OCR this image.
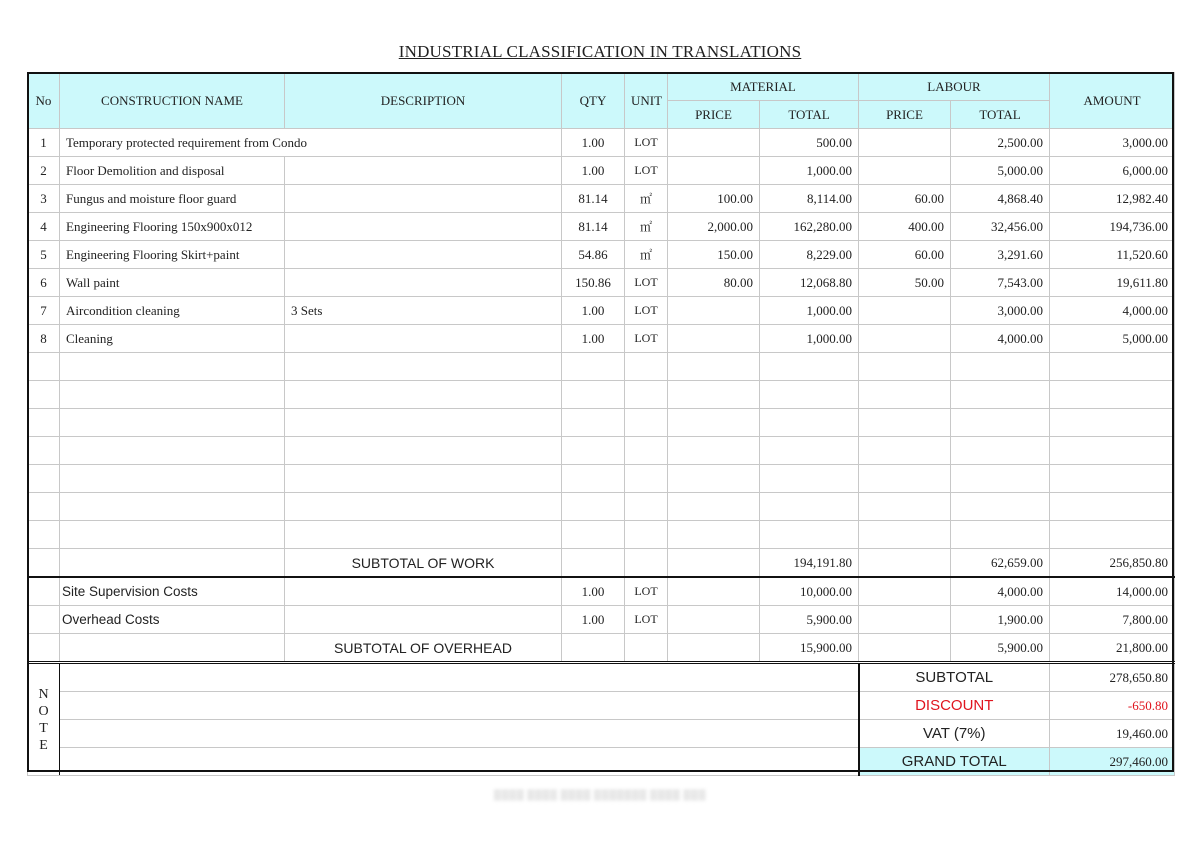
INDUSTRIAL CLASSIFICATION IN TRANSLATIONS
No	CONSTRUCTION NAME	DESCRIPTION	QTY	UNIT	MATERIAL		LABOUR		AMOUNT
					PRICE	TOTAL	PRICE	TOTAL	
1	Temporary protected requirement from Condo		1.00	LOT		500.00		2,500.00	3,000.00
2	Floor Demolition and disposal		1.00	LOT		1,000.00		5,000.00	6,000.00
3	Fungus and moisture floor guard		81.14	㎡	100.00	8,114.00	60.00	4,868.40	12,982.40
4	Engineering Flooring 150x900x012		81.14	㎡	2,000.00	162,280.00	400.00	32,456.00	194,736.00
5	Engineering Flooring Skirt+paint		54.86	㎡	150.00	8,229.00	60.00	3,291.60	11,520.60
6	Wall paint		150.86	LOT	80.00	12,068.80	50.00	7,543.00	19,611.80
7	Aircondition cleaning	3 Sets	1.00	LOT		1,000.00		3,000.00	4,000.00
8	Cleaning		1.00	LOT		1,000.00		4,000.00	5,000.00

		SUBTOTAL OF WORK				194,191.80		62,659.00	256,850.80
	Site Supervision Costs		1.00	LOT		10,000.00		4,000.00	14,000.00
	Overhead Costs		1.00	LOT		5,900.00		1,900.00	7,800.00
		SUBTOTAL OF OVERHEAD				15,900.00		5,900.00	21,800.00
N
O
T
E							SUBTOTAL		278,650.80
							DISCOUNT		-650.80
							VAT (7%)		19,460.00
							GRAND TOTAL		297,460.00
▒▒▒▒ ▒▒▒▒ ▒▒▒▒ ▒▒▒▒▒▒▒ ▒▒▒▒ ▒▒▒
